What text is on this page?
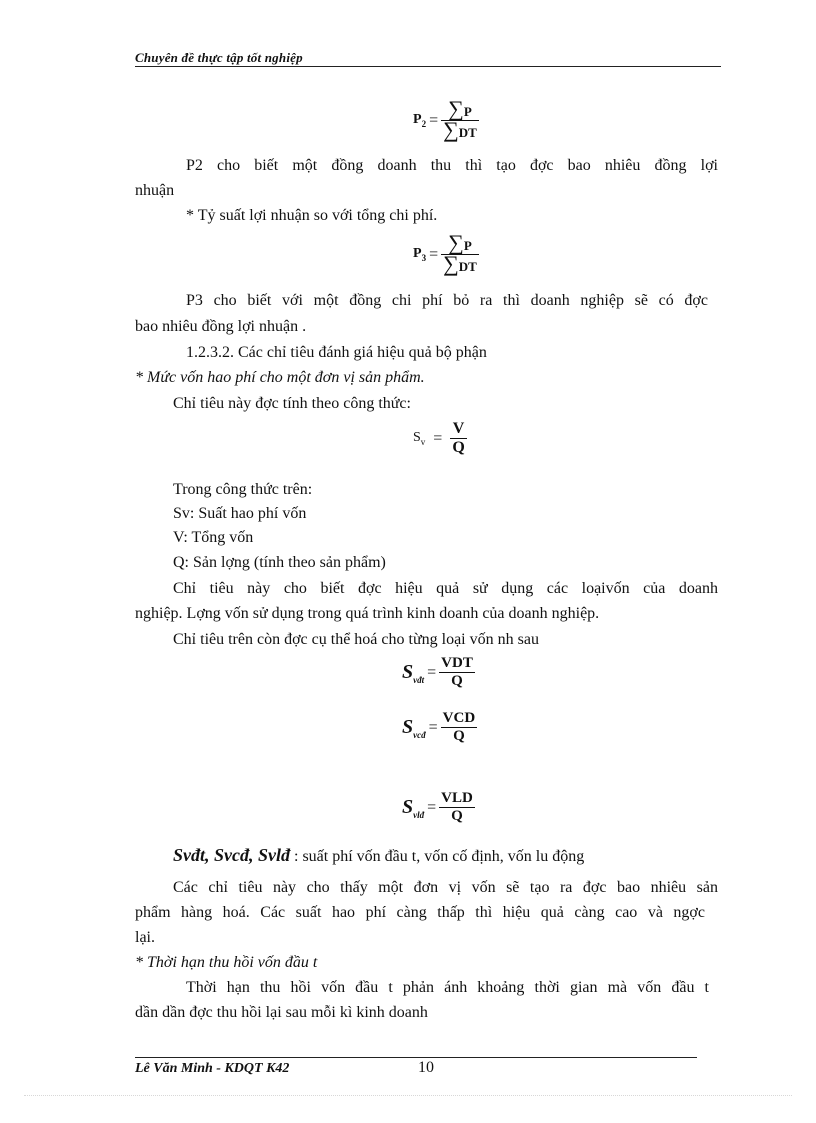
Chuyên đề thực tập tốt nghiệp
$P_2 = \frac{\sum P}{\sum DT}$
P2 cho biết một đồng doanh thu thì tạo đợc bao nhiêu đồng lợi
nhuận
* Tỷ suất lợi nhuận so với tổng chi phí.
$P_3 = \frac{\sum P}{\sum DT}$
P3 cho biết với một đồng chi phí bỏ ra thì doanh nghiệp sẽ có đợc
bao nhiêu đồng lợi nhuận .
1.2.3.2. Các chỉ tiêu đánh giá hiệu quả bộ phận
* Mức vốn hao phí cho một đơn vị sản phẩm.
Chỉ tiêu này đợc tính theo công thức:
$S_v = \frac{V}{Q}$
Trong công thức trên:
Sv: Suất hao phí vốn
V: Tổng vốn
Q: Sản lợng (tính theo sản phẩm)
Chỉ tiêu này cho biết đợc hiệu quả sử dụng các loạivốn của doanh
nghiệp. Lợng vốn sử dụng trong quá trình kinh doanh của doanh nghiệp.
Chỉ tiêu trên còn đợc cụ thể hoá cho từng loại vốn nh sau
$S_{vđt} = \frac{\text{VDT}}{Q}$
$S_{vcđ} = \frac{\text{VCD}}{Q}$
$S_{vlđ} = \frac{\text{VLD}}{Q}$
Svđt, Svcđ, Svlđ : suất phí vốn đầu t, vốn cố định, vốn lu động
Các chỉ tiêu này cho thấy một đơn vị vốn sẽ tạo ra đợc bao nhiêu sản
phẩm hàng hoá. Các suất hao phí càng thấp thì hiệu quả càng cao và ngợc
lại.
* Thời hạn thu hồi vốn đầu t
Thời hạn thu hồi vốn đầu t phản ánh khoảng thời gian mà vốn đầu t
dần dần đợc thu hồi lại sau mỗi kì kinh doanh
Lê Văn Minh - KDQT K42	10
